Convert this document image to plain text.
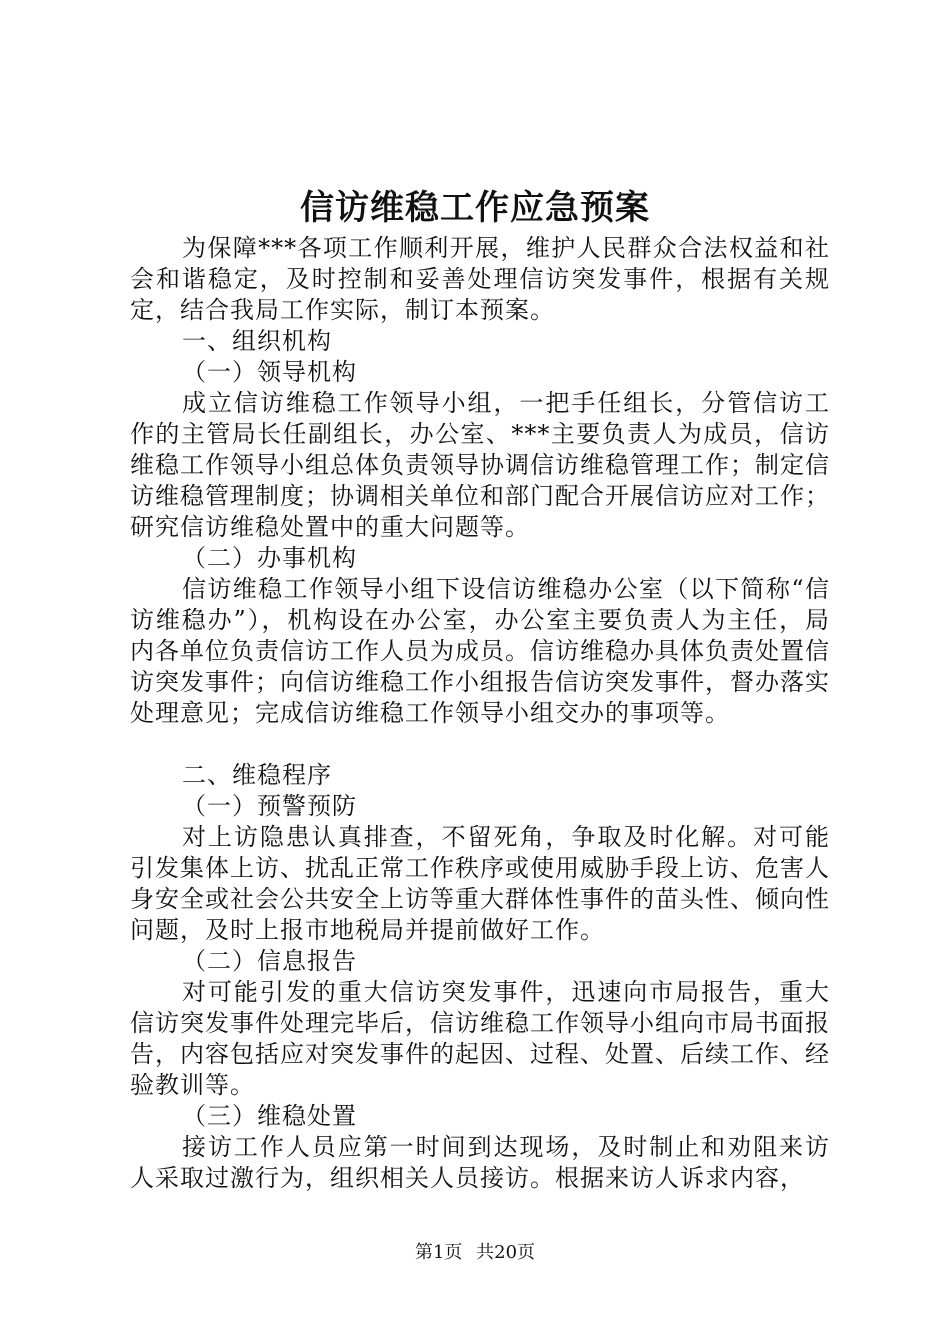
信访维稳工作应急预案

为保障***各项工作顺利开展，维护人民群众合法权益和社会和谐稳定，及时控制和妥善处理信访突发事件，根据有关规定，结合我局工作实际，制订本预案。

一、组织机构

（一）领导机构

成立信访维稳工作领导小组，一把手任组长，分管信访工作的主管局长任副组长，办公室、***主要负责人为成员，信访维稳工作领导小组总体负责领导协调信访维稳管理工作；制定信访维稳管理制度；协调相关单位和部门配合开展信访应对工作；研究信访维稳处置中的重大问题等。

（二）办事机构

信访维稳工作领导小组下设信访维稳办公室（以下简称“信访维稳办”），机构设在办公室，办公室主要负责人为主任，局内各单位负责信访工作人员为成员。信访维稳办具体负责处置信访突发事件；向信访维稳工作小组报告信访突发事件，督办落实处理意见；完成信访维稳工作领导小组交办的事项等。

二、维稳程序

（一）预警预防

对上访隐患认真排查，不留死角，争取及时化解。对可能引发集体上访、扰乱正常工作秩序或使用威胁手段上访、危害人身安全或社会公共安全上访等重大群体性事件的苗头性、倾向性问题，及时上报市地税局并提前做好工作。

（二）信息报告

对可能引发的重大信访突发事件，迅速向市局报告，重大信访突发事件处理完毕后，信访维稳工作领导小组向市局书面报告，内容包括应对突发事件的起因、过程、处置、后续工作、经验教训等。

（三）维稳处置

接访工作人员应第一时间到达现场，及时制止和劝阻来访人采取过激行为，组织相关人员接访。根据来访人诉求内容，

第1页 共20页
